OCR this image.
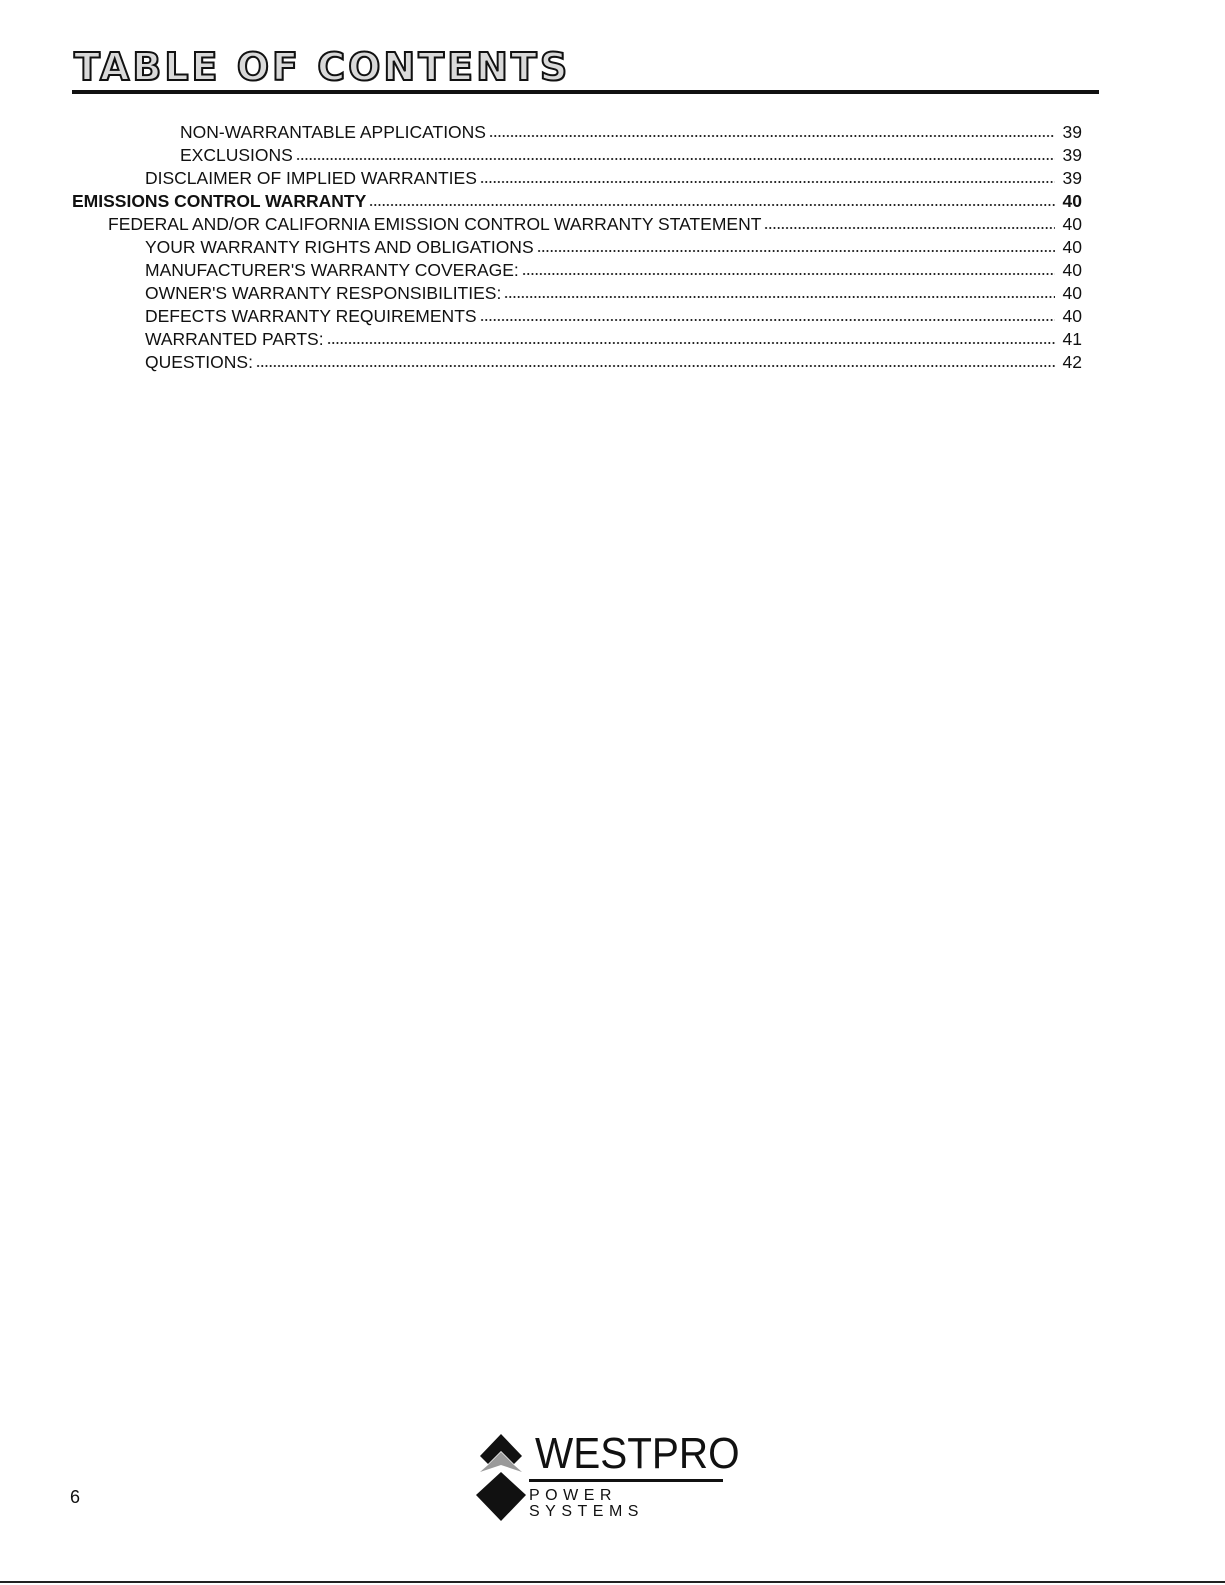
TABLE OF CONTENTS
NON-WARRANTABLE APPLICATIONS	39
EXCLUSIONS	39
DISCLAIMER OF IMPLIED WARRANTIES	39
EMISSIONS CONTROL WARRANTY	40
FEDERAL AND/OR CALIFORNIA EMISSION CONTROL WARRANTY STATEMENT	40
YOUR WARRANTY RIGHTS AND OBLIGATIONS	40
MANUFACTURER'S WARRANTY COVERAGE:	40
OWNER'S WARRANTY RESPONSIBILITIES:	40
DEFECTS WARRANTY REQUIREMENTS	40
WARRANTED PARTS:	41
QUESTIONS:	42
6
WESTPRO
POWER SYSTEMS
